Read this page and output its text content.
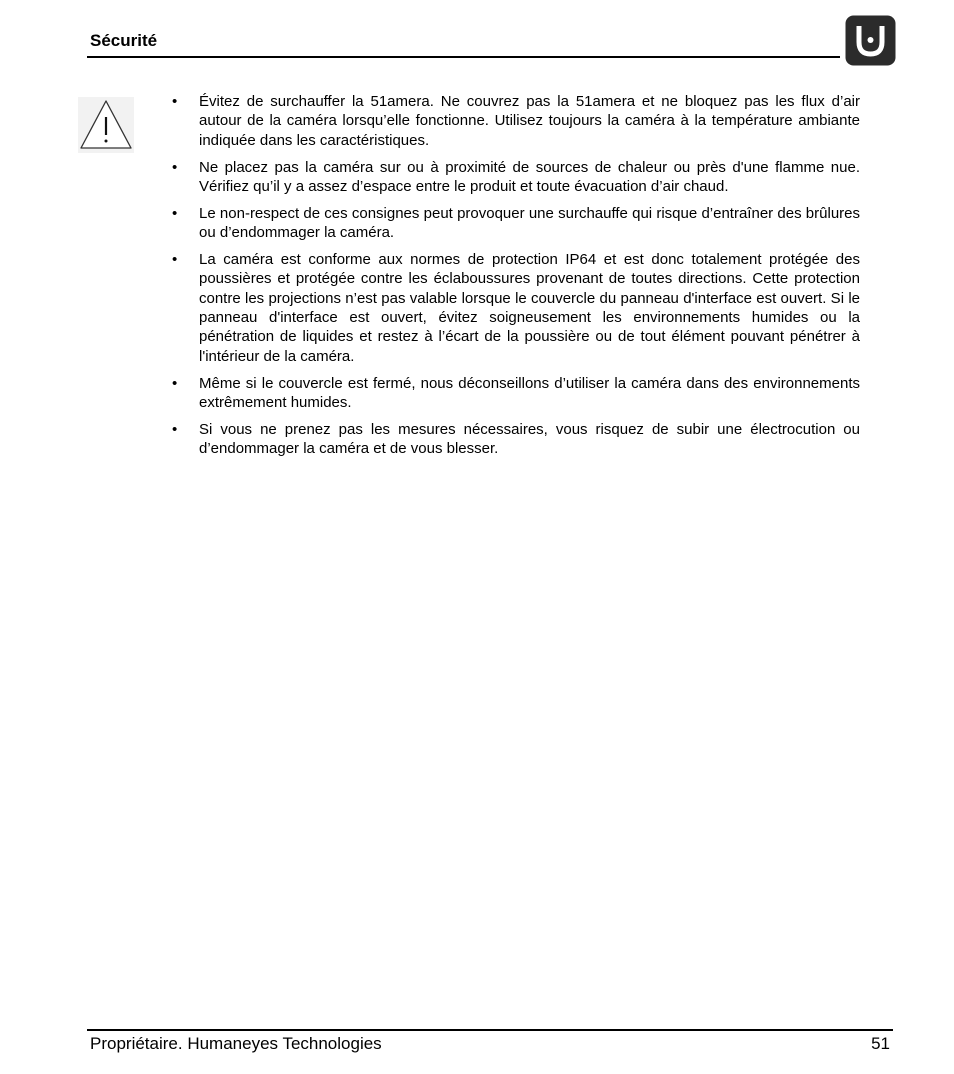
Sécurité
• Évitez de surchauffer la 51amera. Ne couvrez pas la 51amera et ne bloquez pas les flux d’air autour de la caméra lorsqu’elle fonctionne. Utilisez toujours la caméra à la température ambiante indiquée dans les caractéristiques.
• Ne placez pas la caméra sur ou à proximité de sources de chaleur ou près d'une flamme nue. Vérifiez qu’il y a assez d’espace entre le produit et toute évacuation d’air chaud.
• Le non-respect de ces consignes peut provoquer une surchauffe qui risque d’entraîner des brûlures ou d’endommager la caméra.
• La caméra est conforme aux normes de protection IP64 et est donc totalement protégée des poussières et protégée contre les éclaboussures provenant de toutes directions. Cette protection contre les projections n’est pas valable lorsque le couvercle du panneau d'interface est ouvert. Si le panneau d'interface est ouvert, évitez soigneusement les environnements humides ou la pénétration de liquides et restez à l’écart de la poussière ou de tout élément pouvant pénétrer à l'intérieur de la caméra.
• Même si le couvercle est fermé, nous déconseillons d’utiliser la caméra dans des environnements extrêmement humides.
• Si vous ne prenez pas les mesures nécessaires, vous risquez de subir une électrocution ou d’endommager la caméra et de vous blesser.
Propriétaire. Humaneyes Technologies	51
